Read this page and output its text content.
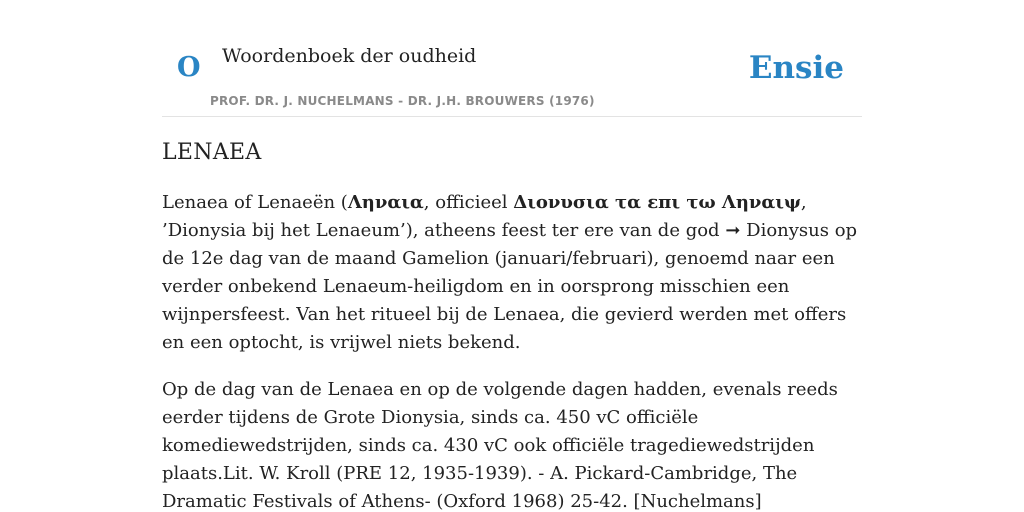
O Woordenboek der oudheid
PROF. DR. J. NUCHELMANS - DR. J.H. BROUWERS (1976)
Ensie
LENAEA

Lenaea of Lenaeën (Ληναια, officieel Διονυσια τα επι τω Ληναιψ, ’Dionysia bij het Lenaeum’), atheens feest ter ere van de god ➞ Dionysus op de 12e dag van de maand Gamelion (januari/februari), genoemd naar een verder onbekend Lenaeum-heiligdom en in oorsprong misschien een wijnpersfeest. Van het ritueel bij de Lenaea, die gevierd werden met offers en een optocht, is vrijwel niets bekend.

Op de dag van de Lenaea en op de volgende dagen hadden, evenals reeds eerder tijdens de Grote Dionysia, sinds ca. 450 vC officiële komediewedstrijden, sinds ca. 430 vC ook officiële tragediewedstrijden plaats.Lit. W. Kroll (PRE 12, 1935-1939). - A. Pickard-Cambridge, The Dramatic Festivals of Athens- (Oxford 1968) 25-42. [Nuchelmans]
